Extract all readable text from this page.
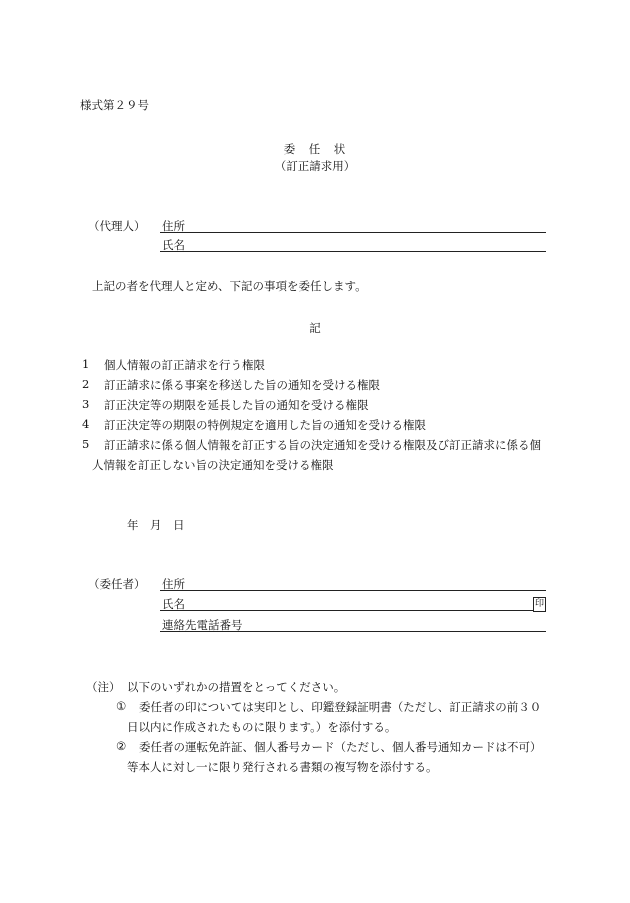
様式第２９号
委　任　状
（訂正請求用）
（代理人） 住所
氏名
上記の者を代理人と定め、下記の事項を委任します。
記
1 個人情報の訂正請求を行う権限
2 訂正請求に係る事案を移送した旨の通知を受ける権限
3 訂正決定等の期限を延長した旨の通知を受ける権限
4 訂正決定等の期限の特例規定を適用した旨の通知を受ける権限
5 訂正請求に係る個人情報を訂正する旨の決定通知を受ける権限及び訂正請求に係る個
人情報を訂正しない旨の決定通知を受ける権限
年　月　日
（委任者） 住所
氏名	印
連絡先電話番号
（注） 以下のいずれかの措置をとってください。
① 委任者の印については実印とし、印鑑登録証明書（ただし、訂正請求の前３０
日以内に作成されたものに限ります。）を添付する。
② 委任者の運転免許証、個人番号カード（ただし、個人番号通知カードは不可）
等本人に対し一に限り発行される書類の複写物を添付する。
